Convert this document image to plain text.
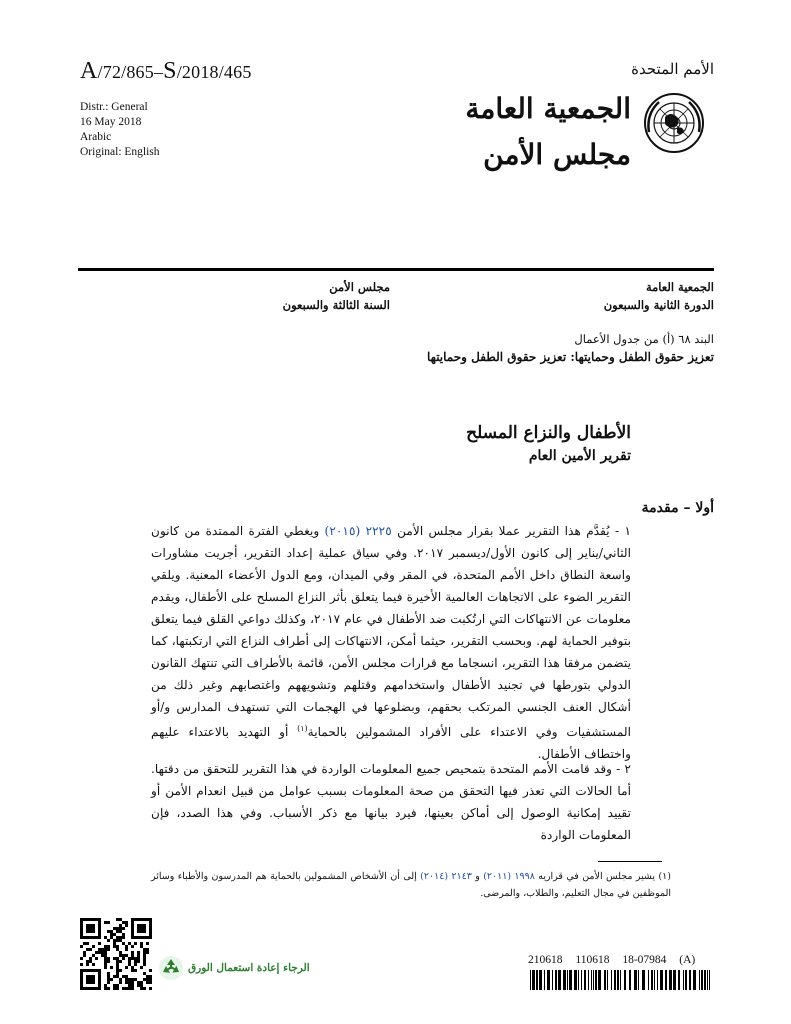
A/72/865–S/2018/465	الأمم المتحدة
Distr.: General
16 May 2018
Arabic
Original: English
الجمعية العامة
مجلس الأمن
الجمعية العامة
الدورة الثانية والسبعون
مجلس الأمن
السنة الثالثة والسبعون
البند ٦٨ (أ) من جدول الأعمال
تعزيز حقوق الطفل وحمايتها: تعزيز حقوق الطفل وحمايتها
الأطفال والنزاع المسلح
تقرير الأمين العام
أولا – مقدمة
١ - يُقدَّم هذا التقرير عملا بقرار مجلس الأمن ٢٢٢٥ (٢٠١٥) ويغطي الفترة الممتدة من كانون الثاني/يناير إلى كانون الأول/ديسمبر ٢٠١٧. وفي سياق عملية إعداد التقرير، أجريت مشاورات واسعة النطاق داخل الأمم المتحدة، في المقر وفي الميدان، ومع الدول الأعضاء المعنية. ويلقي التقرير الضوء على الاتجاهات العالمية الأخيرة فيما يتعلق بأثر النزاع المسلح على الأطفال، ويقدم معلومات عن الانتهاكات التي ارتُكبت ضد الأطفال في عام ٢٠١٧، وكذلك دواعي القلق فيما يتعلق بتوفير الحماية لهم. وبحسب التقرير، حيثما أمكن، الانتهاكات إلى أطراف النزاع التي ارتكبتها، كما يتضمن مرفقا هذا التقرير، انسجاما مع قرارات مجلس الأمن، قائمة بالأطراف التي تنتهك القانون الدولي بتورطها في تجنيد الأطفال واستخدامهم وقتلهم وتشويههم واغتصابهم وغير ذلك من أشكال العنف الجنسي المرتكب بحقهم، وبضلوعها في الهجمات التي تستهدف المدارس و/أو المستشفيات وفي الاعتداء على الأفراد المشمولين بالحماية$^{(١)}$ أو التهديد بالاعتداء عليهم واختطاف الأطفال.
٢ - وقد قامت الأمم المتحدة بتمحيص جميع المعلومات الواردة في هذا التقرير للتحقق من دقتها. أما الحالات التي تعذر فيها التحقق من صحة المعلومات بسبب عوامل من قبيل انعدام الأمن أو تقييد إمكانية الوصول إلى أماكن بعينها، فيرد بيانها مع ذكر الأسباب. وفي هذا الصدد، فإن المعلومات الواردة
(١) يشير مجلس الأمن في قراريه ١٩٩٨ (٢٠١١) و ٢١٤٣ (٢٠١٤) إلى أن الأشخاص المشمولين بالحماية هم المدرسون والأطباء وسائر الموظفين في مجال التعليم، والطلاب، والمرضى.
الرجاء إعادة استعمال الورق
210618 110618 18-07984 (A)
